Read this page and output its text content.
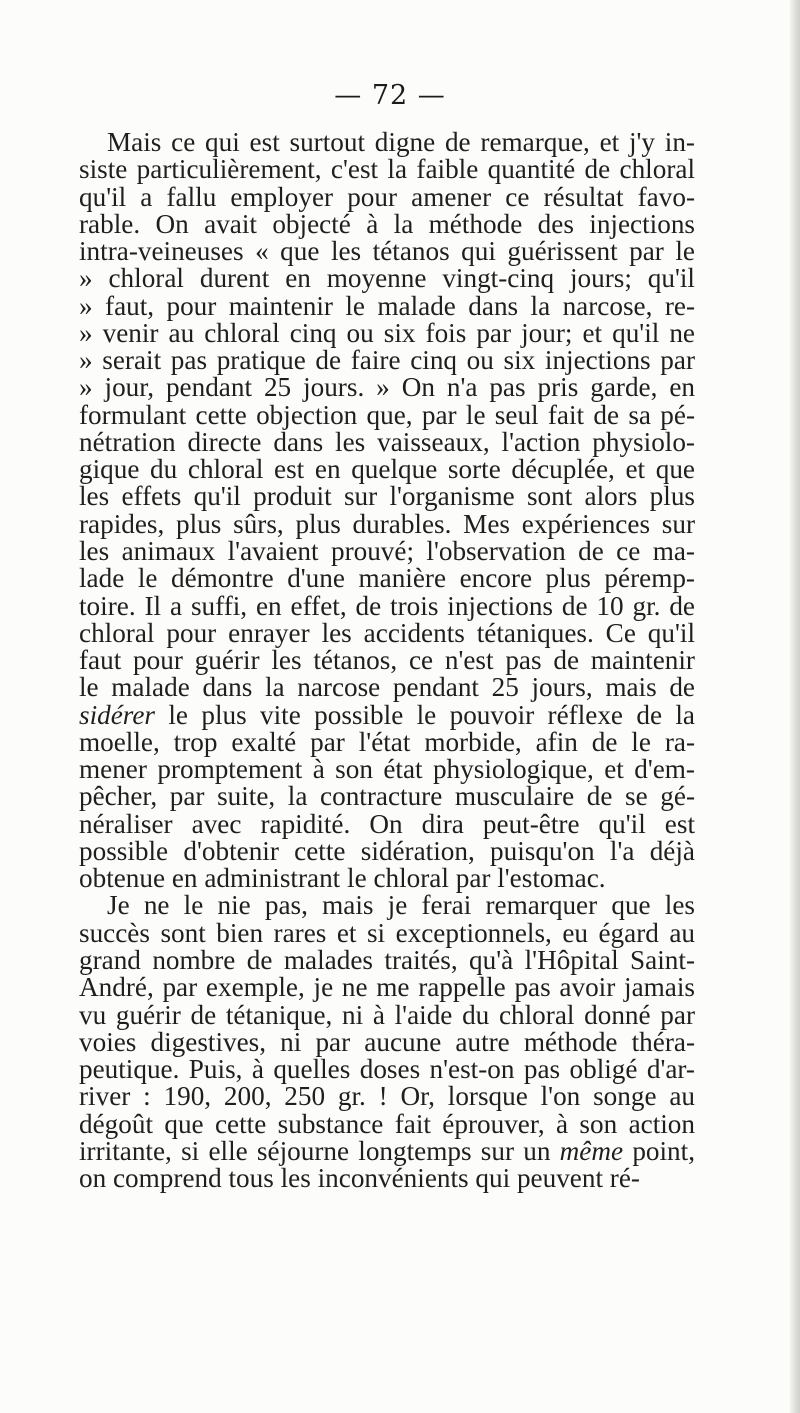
— 72 —
Mais ce qui est surtout digne de remarque, et j'y in-
siste particulièrement, c'est la faible quantité de chloral
qu'il a fallu employer pour amener ce résultat favo-
rable. On avait objecté à la méthode des injections
intra-veineuses « que les tétanos qui guérissent par le
» chloral durent en moyenne vingt-cinq jours; qu'il
» faut, pour maintenir le malade dans la narcose, re-
» venir au chloral cinq ou six fois par jour; et qu'il ne
» serait pas pratique de faire cinq ou six injections par
» jour, pendant 25 jours. » On n'a pas pris garde, en
formulant cette objection que, par le seul fait de sa pé-
nétration directe dans les vaisseaux, l'action physiolo-
gique du chloral est en quelque sorte décuplée, et que
les effets qu'il produit sur l'organisme sont alors plus
rapides, plus sûrs, plus durables. Mes expériences sur
les animaux l'avaient prouvé; l'observation de ce ma-
lade le démontre d'une manière encore plus péremp-
toire. Il a suffi, en effet, de trois injections de 10 gr. de
chloral pour enrayer les accidents tétaniques. Ce qu'il
faut pour guérir les tétanos, ce n'est pas de maintenir
le malade dans la narcose pendant 25 jours, mais de
sidérer le plus vite possible le pouvoir réflexe de la
moelle, trop exalté par l'état morbide, afin de le ra-
mener promptement à son état physiologique, et d'em-
pêcher, par suite, la contracture musculaire de se gé-
néraliser avec rapidité. On dira peut-être qu'il est
possible d'obtenir cette sidération, puisqu'on l'a déjà
obtenue en administrant le chloral par l'estomac.
Je ne le nie pas, mais je ferai remarquer que les
succès sont bien rares et si exceptionnels, eu égard au
grand nombre de malades traités, qu'à l'Hôpital Saint-
André, par exemple, je ne me rappelle pas avoir jamais
vu guérir de tétanique, ni à l'aide du chloral donné par
voies digestives, ni par aucune autre méthode théra-
peutique. Puis, à quelles doses n'est-on pas obligé d'ar-
river : 190, 200, 250 gr. ! Or, lorsque l'on songe au
dégoût que cette substance fait éprouver, à son action
irritante, si elle séjourne longtemps sur un même point,
on comprend tous les inconvénients qui peuvent ré-
